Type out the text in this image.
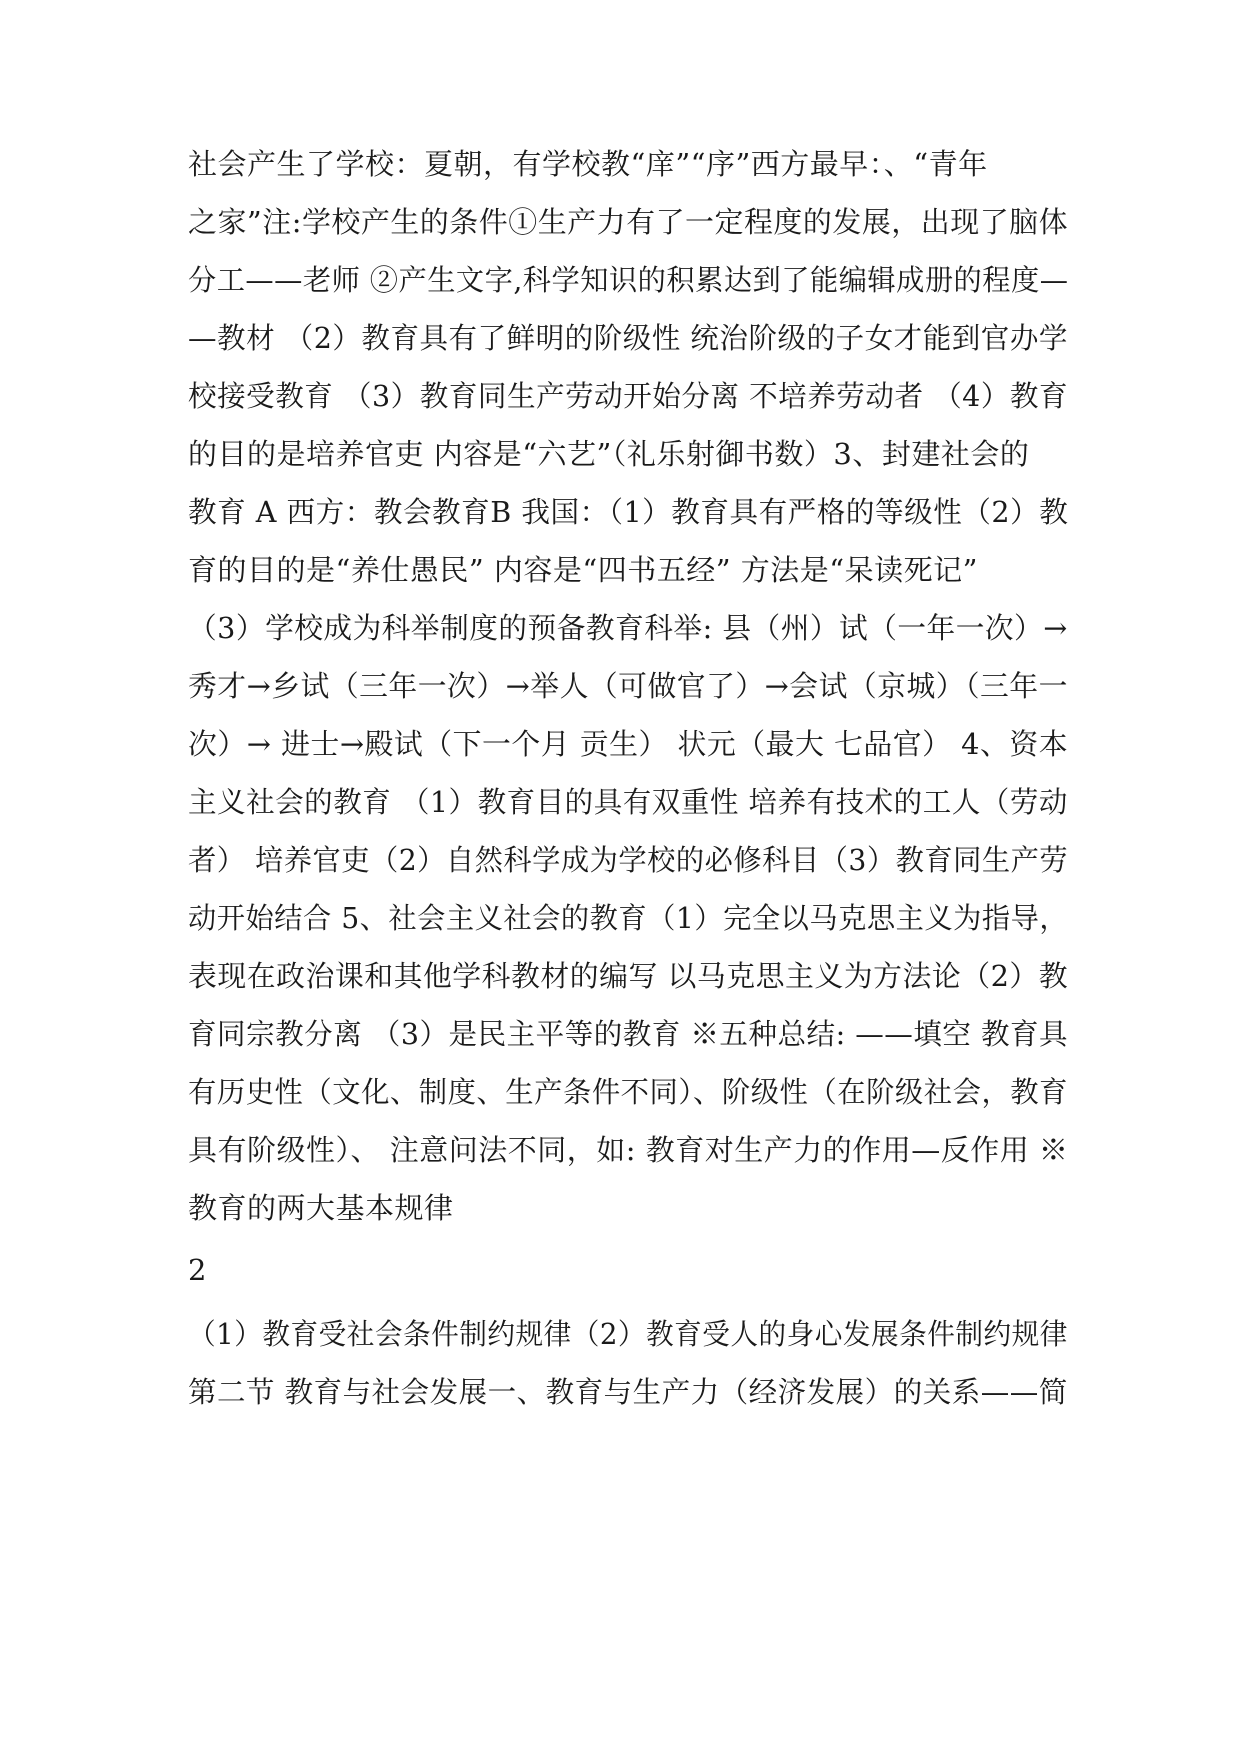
社会产生了学校：夏朝，有学校教“庠”“序”西方最早：、“青年
之家”注:学校产生的条件①生产力有了一定程度的发展，出现了脑体
分工——老师 ②产生文字,科学知识的积累达到了能编辑成册的程度—
—教材 （2）教育具有了鲜明的阶级性 统治阶级的子女才能到官办学
校接受教育 （3）教育同生产劳动开始分离 不培养劳动者 （4）教育
的目的是培养官吏 内容是“六艺”（礼乐射御书数）3、封建社会的
教育 A 西方：教会教育B 我国：（1）教育具有严格的等级性（2）教
育的目的是“养仕愚民” 内容是“四书五经” 方法是“呆读死记”
（3）学校成为科举制度的预备教育科举: 县（州）试（一年一次）→
秀才→乡试（三年一次）→举人（可做官了）→会试（京城）（三年一
次）→ 进士→殿试（下一个月 贡生） 状元（最大 七品官） 4、资本
主义社会的教育 （1）教育目的具有双重性 培养有技术的工人（劳动
者） 培养官吏（2）自然科学成为学校的必修科目（3）教育同生产劳
动开始结合 5、社会主义社会的教育（1）完全以马克思主义为指导，
表现在政治课和其他学科教材的编写 以马克思主义为方法论（2）教
育同宗教分离 （3）是民主平等的教育 ※五种总结: ——填空 教育具
有历史性（文化、制度、生产条件不同）、阶级性（在阶级社会，教育
具有阶级性）、 注意问法不同，如: 教育对生产力的作用—反作用 ※
教育的两大基本规律
2
（1）教育受社会条件制约规律（2）教育受人的身心发展条件制约规律
第二节 教育与社会发展一、教育与生产力（经济发展）的关系——简
